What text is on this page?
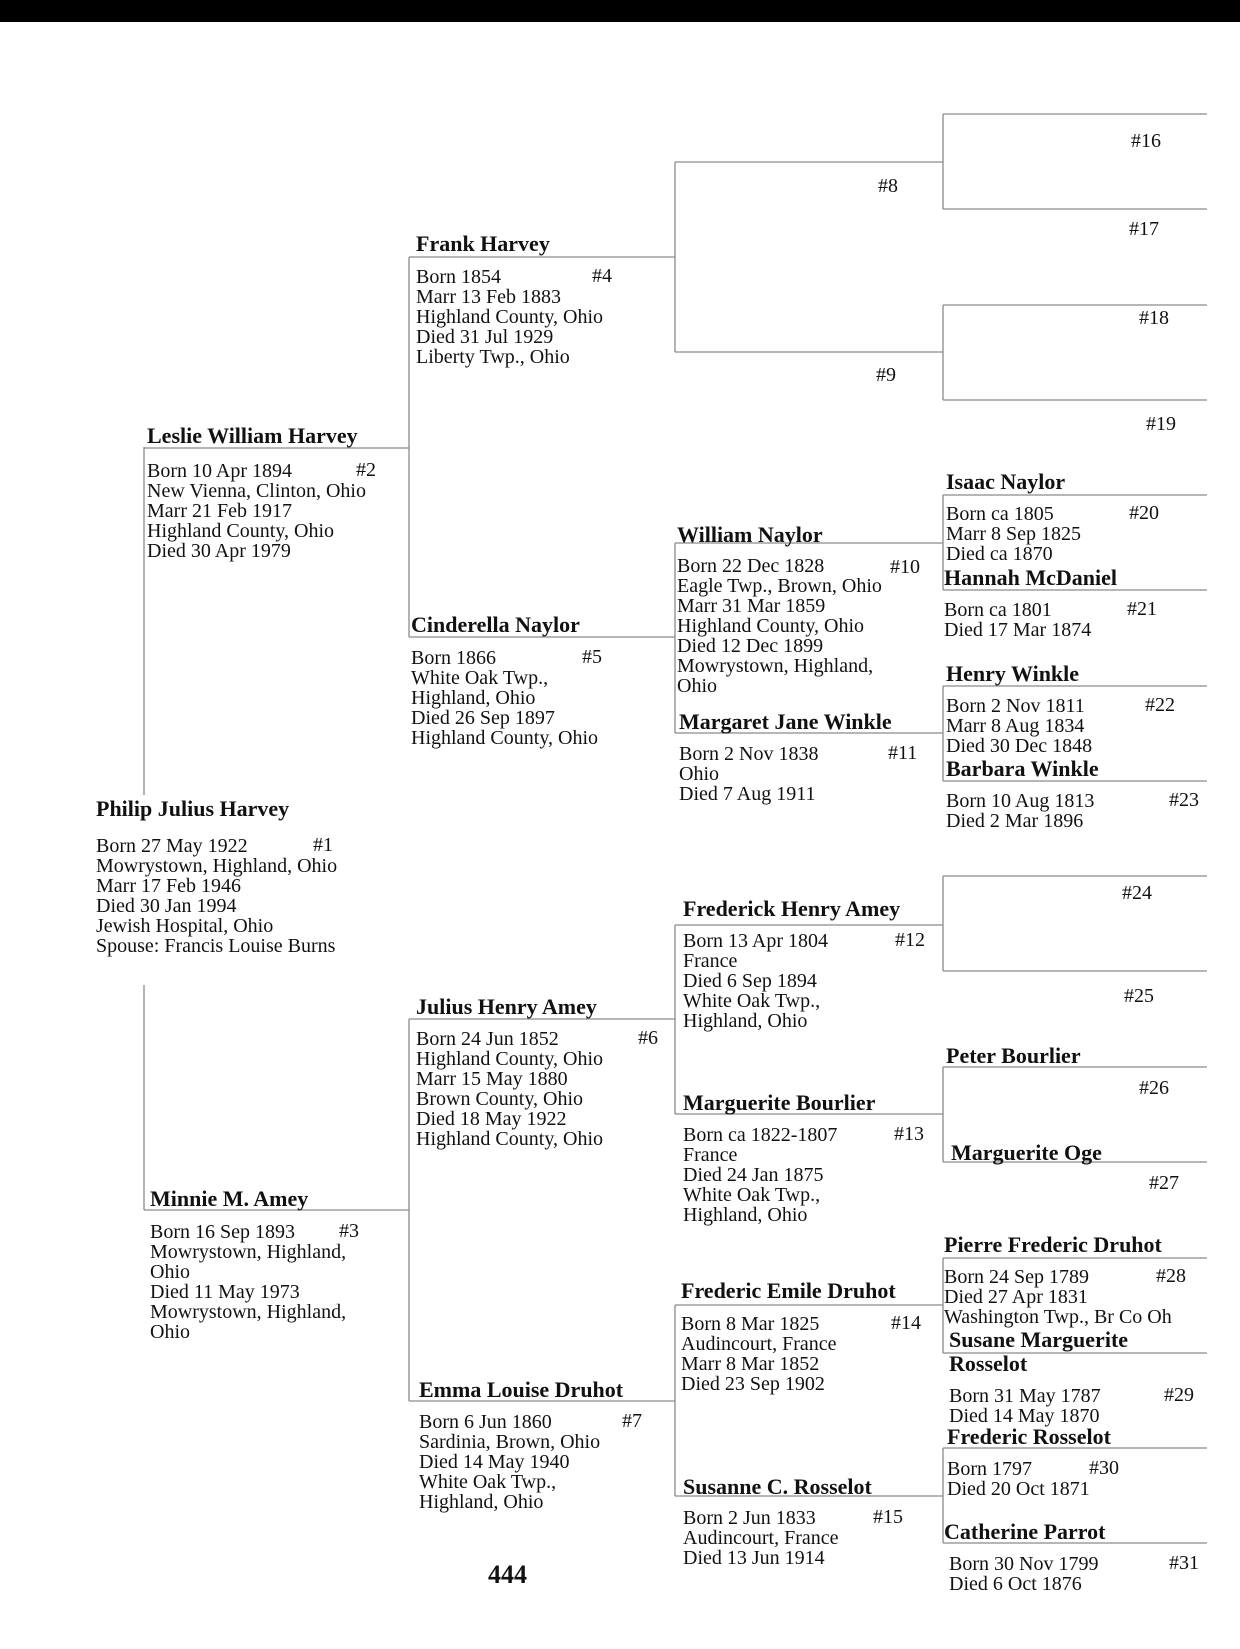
Philip Julius Harvey
Born 27 May 1922
Mowrystown, Highland, Ohio
Marr 17 Feb 1946
Died 30 Jan 1994
Jewish Hospital, Ohio
Spouse: Francis Louise Burns
#1
Leslie William Harvey
Born 10 Apr 1894
New Vienna, Clinton, Ohio
Marr 21 Feb 1917
Highland County, Ohio
Died 30 Apr 1979
#2
Minnie M. Amey
Born 16 Sep 1893
Mowrystown, Highland,
Ohio
Died 11 May 1973
Mowrystown, Highland,
Ohio
#3
Frank Harvey
Born 1854
Marr 13 Feb 1883
Highland County, Ohio
Died 31 Jul 1929
Liberty Twp., Ohio
#4
Cinderella Naylor
Born 1866
White Oak Twp.,
Highland, Ohio
Died 26 Sep 1897
Highland County, Ohio
#5
Julius Henry Amey
Born 24 Jun 1852
Highland County, Ohio
Marr 15 May 1880
Brown County, Ohio
Died 18 May 1922
Highland County, Ohio
#6
Emma Louise Druhot
Born 6 Jun 1860
Sardinia, Brown, Ohio
Died 14 May 1940
White Oak Twp.,
Highland, Ohio
#7
#8
#9
William Naylor
Born 22 Dec 1828
Eagle Twp., Brown, Ohio
Marr 31 Mar 1859
Highland County, Ohio
Died 12 Dec 1899
Mowrystown, Highland,
Ohio
#10
Margaret Jane Winkle
Born 2 Nov 1838
Ohio
Died 7 Aug 1911
#11
Frederick Henry Amey
Born 13 Apr 1804
France
Died 6 Sep 1894
White Oak Twp.,
Highland, Ohio
#12
Marguerite Bourlier
Born ca 1822-1807
France
Died 24 Jan 1875
White Oak Twp.,
Highland, Ohio
#13
Frederic Emile Druhot
Born 8 Mar 1825
Audincourt, France
Marr 8 Mar 1852
Died 23 Sep 1902
#14
Susanne C. Rosselot
Born 2 Jun 1833
Audincourt, France
Died 13 Jun 1914
#15
#16
#17
#18
#19
Isaac Naylor
Born ca 1805
Marr 8 Sep 1825
Died ca 1870
#20
Hannah McDaniel
Born ca 1801
Died 17 Mar 1874
#21
Henry Winkle
Born 2 Nov 1811
Marr 8 Aug 1834
Died 30 Dec 1848
#22
Barbara Winkle
Born 10 Aug 1813
Died 2 Mar 1896
#23
#24
#25
Peter Bourlier
#26
Marguerite Oge
#27
Pierre Frederic Druhot
Born 24 Sep 1789
Died 27 Apr 1831
Washington Twp., Br Co Oh
#28
Susane Marguerite
Rosselot
Born 31 May 1787
Died 14 May 1870
#29
Frederic Rosselot
Born 1797
Died 20 Oct 1871
#30
Catherine Parrot
Born 30 Nov 1799
Died 6 Oct 1876
#31
444
